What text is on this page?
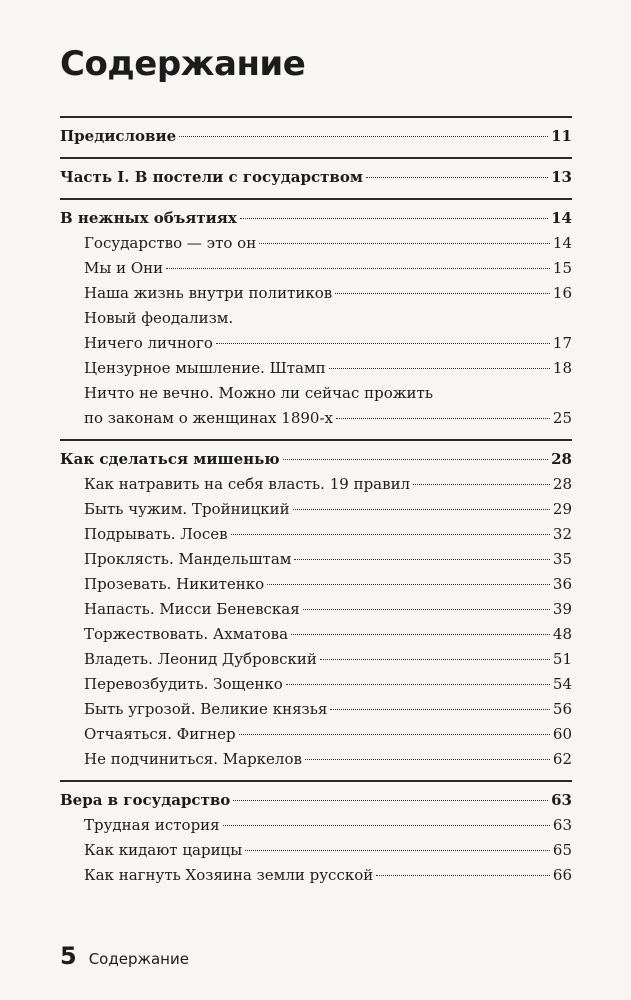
Содержание
Предисловие	11
Часть I. В постели с государством	13
В нежных объятиях	14
Государство — это он	14
Мы и Они	15
Наша жизнь внутри политиков	16
Новый феодализм.
Ничего личного	17
Цензурное мышление. Штамп	18
Ничто не вечно. Можно ли сейчас прожить
по законам о женщинах 1890-х	25
Как сделаться мишенью	28
Как натравить на себя власть. 19 правил	28
Быть чужим. Тройницкий	29
Подрывать. Лосев	32
Проклясть. Мандельштам	35
Прозевать. Никитенко	36
Напасть. Мисси Беневская	39
Торжествовать. Ахматова	48
Владеть. Леонид Дубровский	51
Перевозбудить. Зощенко	54
Быть угрозой. Великие князья	56
Отчаяться. Фигнер	60
Не подчиниться. Маркелов	62
Вера в государство	63
Трудная история	63
Как кидают царицы	65
Как нагнуть Хозяина земли русской	66
5 Содержание
